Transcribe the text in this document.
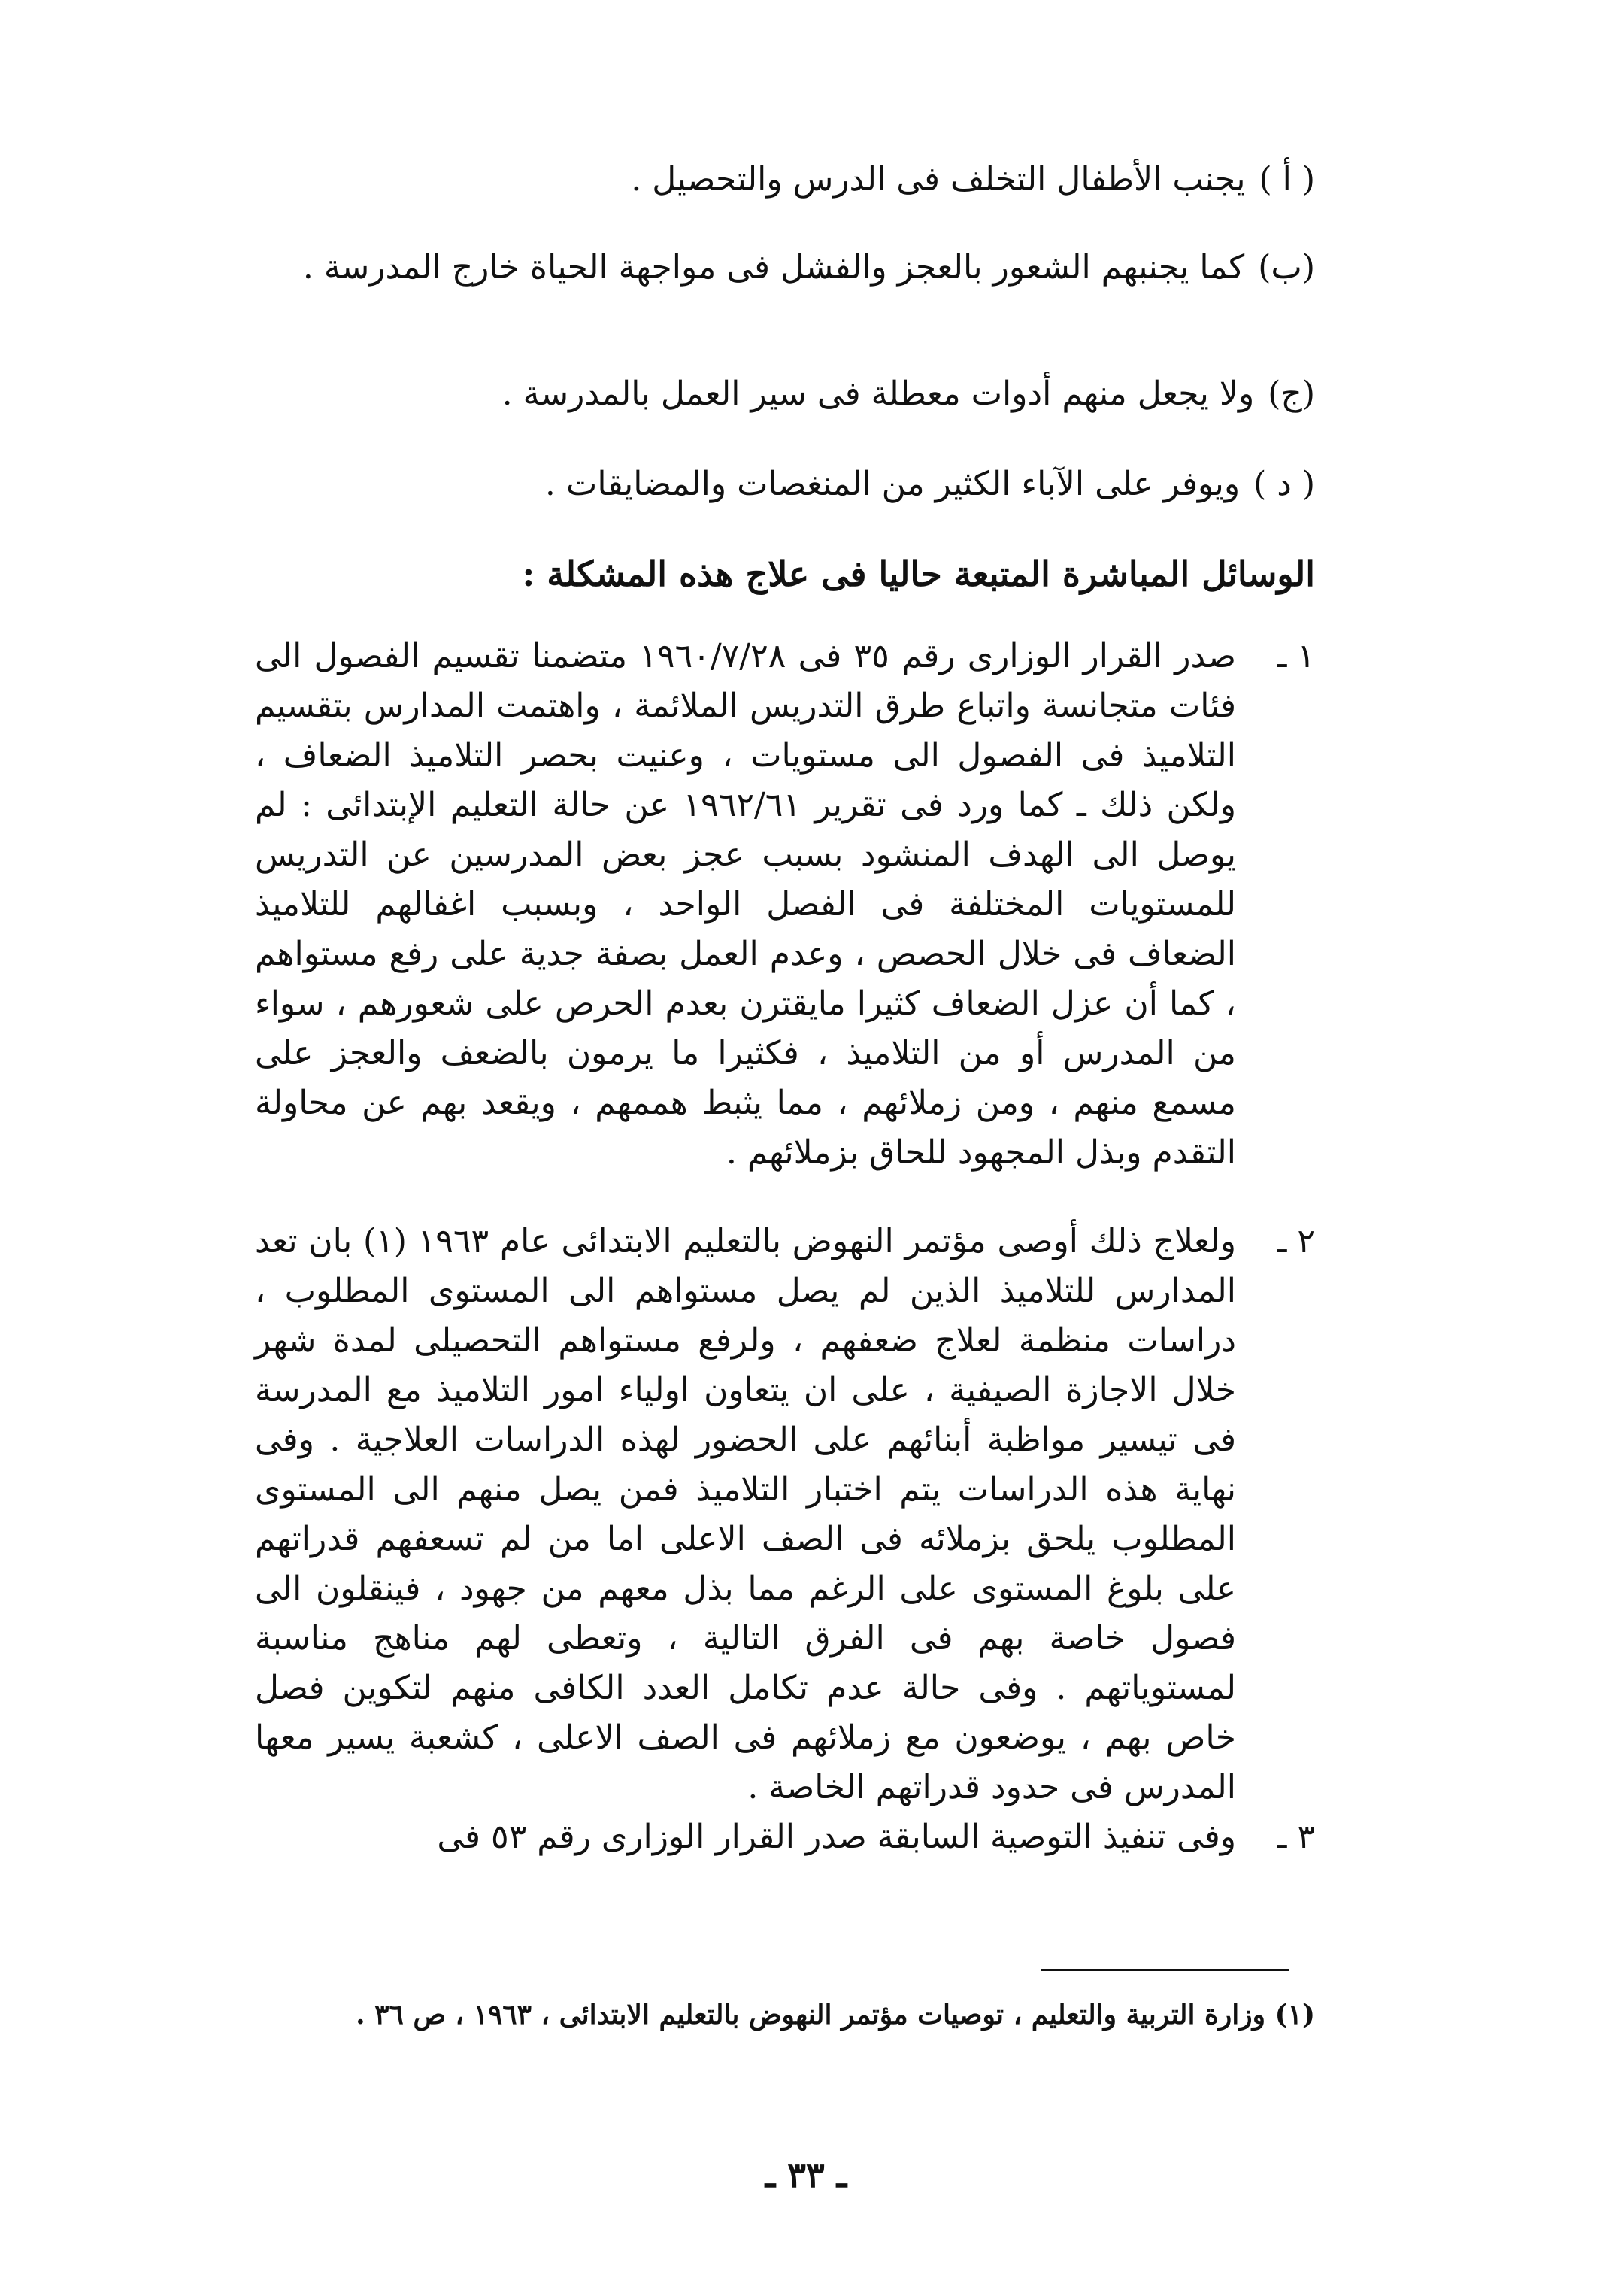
( أ )
يجنب الأطفال التخلف فى الدرس والتحصيل .
(ب)
كما يجنبهم الشعور بالعجز والفشل فى مواجهة الحياة خارج المدرسة .
(ج)
ولا يجعل منهم أدوات معطلة فى سير العمل بالمدرسة .
( د )
ويوفر على الآباء الكثير من المنغصات والمضايقات .
الوسائل المباشرة المتبعة حاليا فى علاج هذه المشكلة :
١ ـ
صدر القرار الوزارى رقم ٣٥ فى ١٩٦٠/٧/٢٨ متضمنا تقسيم الفصول الى فئات متجانسة واتباع طرق التدريس الملائمة ، واهتمت المدارس بتقسيم التلاميذ فى الفصول الى مستويات ، وعنيت بحصر التلاميذ الضعاف ، ولكن ذلك ـ كما ورد فى تقرير ١٩٦٢/٦١ عن حالة التعليم الإبتدائى : لم يوصل الى الهدف المنشود بسبب عجز بعض المدرسين عن التدريس للمستويات المختلفة فى الفصل الواحد ، وبسبب اغفالهم للتلاميذ الضعاف فى خلال الحصص ، وعدم العمل بصفة جدية على رفع مستواهم ، كما أن عزل الضعاف كثيرا مايقترن بعدم الحرص على شعورهم ، سواء من المدرس أو من التلاميذ ، فكثيرا ما يرمون بالضعف والعجز على مسمع منهم ، ومن زملائهم ، مما يثبط هممهم ، ويقعد بهم عن محاولة التقدم وبذل المجهود للحاق بزملائهم .
٢ ـ
ولعلاج ذلك أوصى مؤتمر النهوض بالتعليم الابتدائى عام ١٩٦٣ (١) بان تعد المدارس للتلاميذ الذين لم يصل مستواهم الى المستوى المطلوب ، دراسات منظمة لعلاج ضعفهم ، ولرفع مستواهم التحصيلى لمدة شهر خلال الاجازة الصيفية ، على ان يتعاون اولياء امور التلاميذ مع المدرسة فى تيسير مواظبة أبنائهم على الحضور لهذه الدراسات العلاجية . وفى نهاية هذه الدراسات يتم اختبار التلاميذ فمن يصل منهم الى المستوى المطلوب يلحق بزملائه فى الصف الاعلى اما من لم تسعفهم قدراتهم على بلوغ المستوى على الرغم مما بذل معهم من جهود ، فينقلون الى فصول خاصة بهم فى الفرق التالية ، وتعطى لهم مناهج مناسبة لمستوياتهم . وفى حالة عدم تكامل العدد الكافى منهم لتكوين فصل خاص بهم ، يوضعون مع زملائهم فى الصف الاعلى ، كشعبة يسير معها المدرس فى حدود قدراتهم الخاصة .
٣ ـ
وفى تنفيذ التوصية السابقة صدر القرار الوزارى رقم ٥٣ فى
(١) وزارة التربية والتعليم ، توصيات مؤتمر النهوض بالتعليم الابتدائى ، ١٩٦٣ ، ص ٣٦ .
ـ ٣٣ ـ
